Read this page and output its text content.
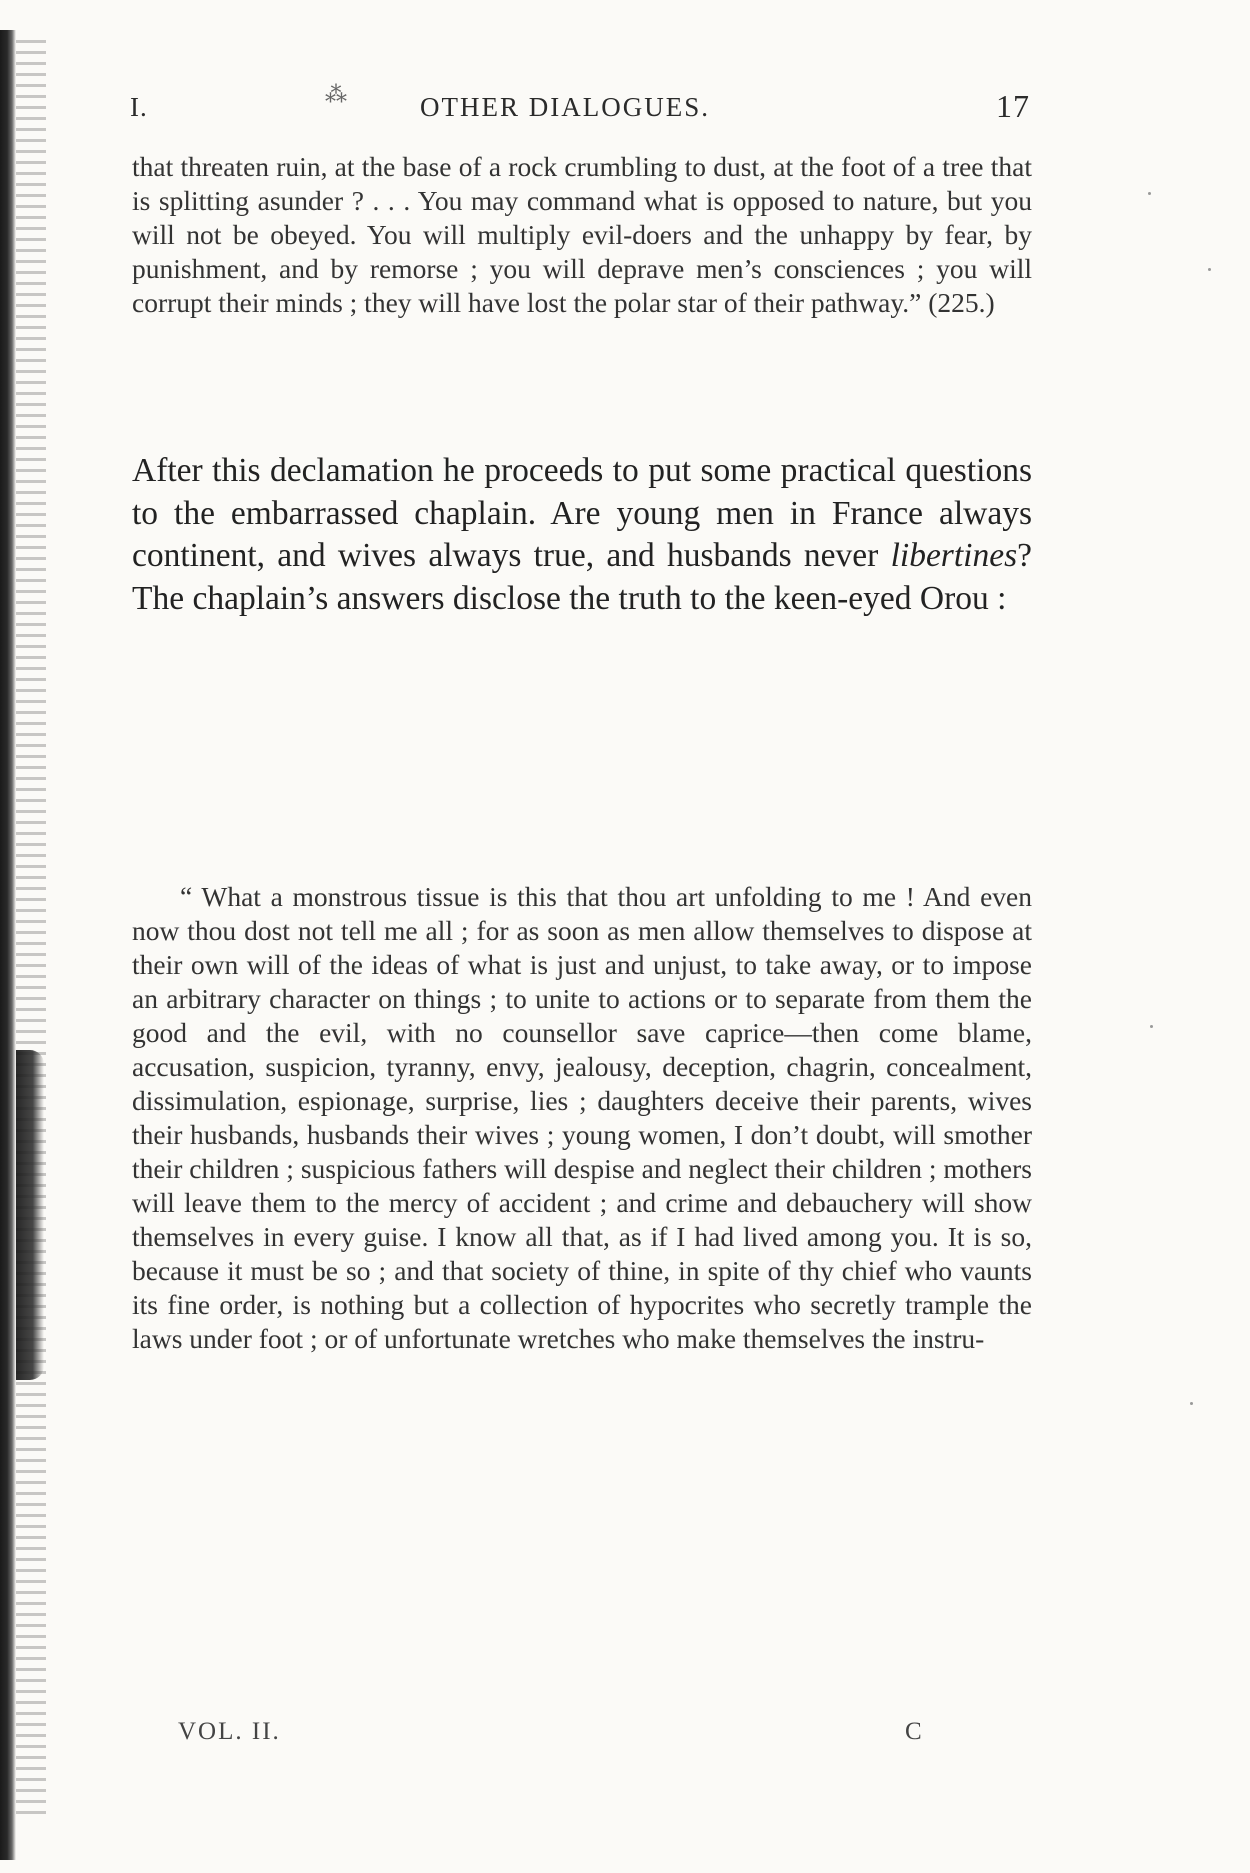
⁂
I.	OTHER DIALOGUES.	17
that threaten ruin, at the base of a rock crumbling to dust, at the foot of a tree that is splitting asunder ? . . . You may command what is opposed to nature, but you will not be obeyed. You will multiply evil-doers and the unhappy by fear, by punishment, and by remorse ; you will deprave men’s consciences ; you will corrupt their minds ; they will have lost the polar star of their pathway.” (225.)
After this declamation he proceeds to put some practical questions to the embarrassed chaplain. Are young men in France always continent, and wives always true, and husbands never libertines? The chaplain’s answers disclose the truth to the keen-eyed Orou :
“ What a monstrous tissue is this that thou art unfolding to me ! And even now thou dost not tell me all ; for as soon as men allow themselves to dispose at their own will of the ideas of what is just and unjust, to take away, or to impose an arbitrary character on things ; to unite to actions or to separate from them the good and the evil, with no counsellor save caprice—then come blame, accusation, suspicion, tyranny, envy, jealousy, deception, chagrin, concealment, dissimulation, espionage, surprise, lies ; daughters deceive their parents, wives their husbands, husbands their wives ; young women, I don’t doubt, will smother their children ; suspicious fathers will despise and neglect their children ; mothers will leave them to the mercy of accident ; and crime and debauchery will show themselves in every guise. I know all that, as if I had lived among you. It is so, because it must be so ; and that society of thine, in spite of thy chief who vaunts its fine order, is nothing but a collection of hypocrites who secretly trample the laws under foot ; or of unfortunate wretches who make themselves the instru-
VOL. II.	C
